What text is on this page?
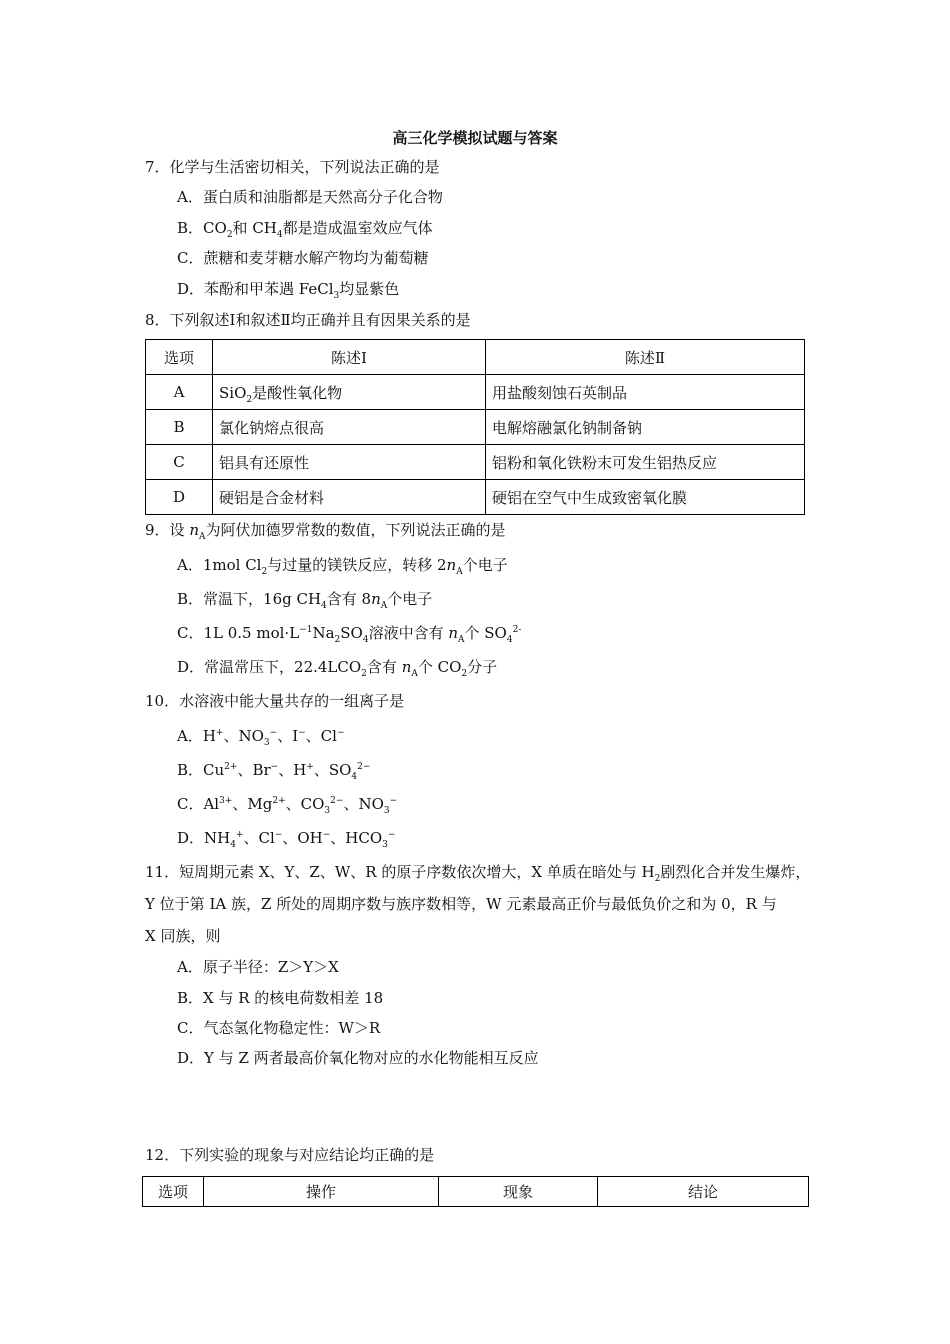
高三化学模拟试题与答案
7．化学与生活密切相关，下列说法正确的是
A．蛋白质和油脂都是天然高分子化合物
B．$CO_2$和 $CH_4$都是造成温室效应气体
C．蔗糖和麦芽糖水解产物均为葡萄糖
D．苯酚和甲苯遇 FeCl$_3$均显紫色
8．下列叙述Ⅰ和叙述Ⅱ均正确并且有因果关系的是
选项	陈述Ⅰ	陈述Ⅱ
A	SiO$_2$是酸性氧化物	用盐酸刻蚀石英制品
B	氯化钠熔点很高	电解熔融氯化钠制备钠
C	铝具有还原性	铝粉和氧化铁粉末可发生铝热反应
D	硬铝是合金材料	硬铝在空气中生成致密氧化膜
9．设 $n_A$为阿伏加德罗常数的数值，下列说法正确的是
A．1mol $Cl_2$与过量的镁铁反应，转移 $2n_A$个电子
B．常温下，16g $CH_4$含有 $8n_A$个电子
C．1L 0.5 $mol\cdot L^{-1}Na_2SO_4$溶液中含有 $n_A$个 $SO_4^{2-}$
D．常温常压下，$22.4LCO_2$含有 $n_A$个 $CO_2$分子
10．水溶液中能大量共存的一组离子是
A．H+、$NO_3^-$、I−、Cl−
B．$Cu^{2+}$、Br−、H+、$SO_4^{2-}$
C．$Al^{3+}$、$Mg^{2+}$、$CO_3^{2-}$、$NO_3^-$
D．$NH_4^+$、Cl−、OH−、$HCO_3^-$
11．短周期元素 X、Y、Z、W、R 的原子序数依次增大，X 单质在暗处与 $H_2$剧烈化合并发生爆炸，
Y 位于第 IA 族，Z 所处的周期序数与族序数相等，W 元素最高正价与最低负价之和为 0，R 与
X 同族，则
A．原子半径：Z＞Y＞X
B．X 与 R 的核电荷数相差 18
C．气态氢化物稳定性：W＞R
D．Y 与 Z 两者最高价氧化物对应的水化物能相互反应
12．下列实验的现象与对应结论均正确的是
选项	操作	现象	结论
